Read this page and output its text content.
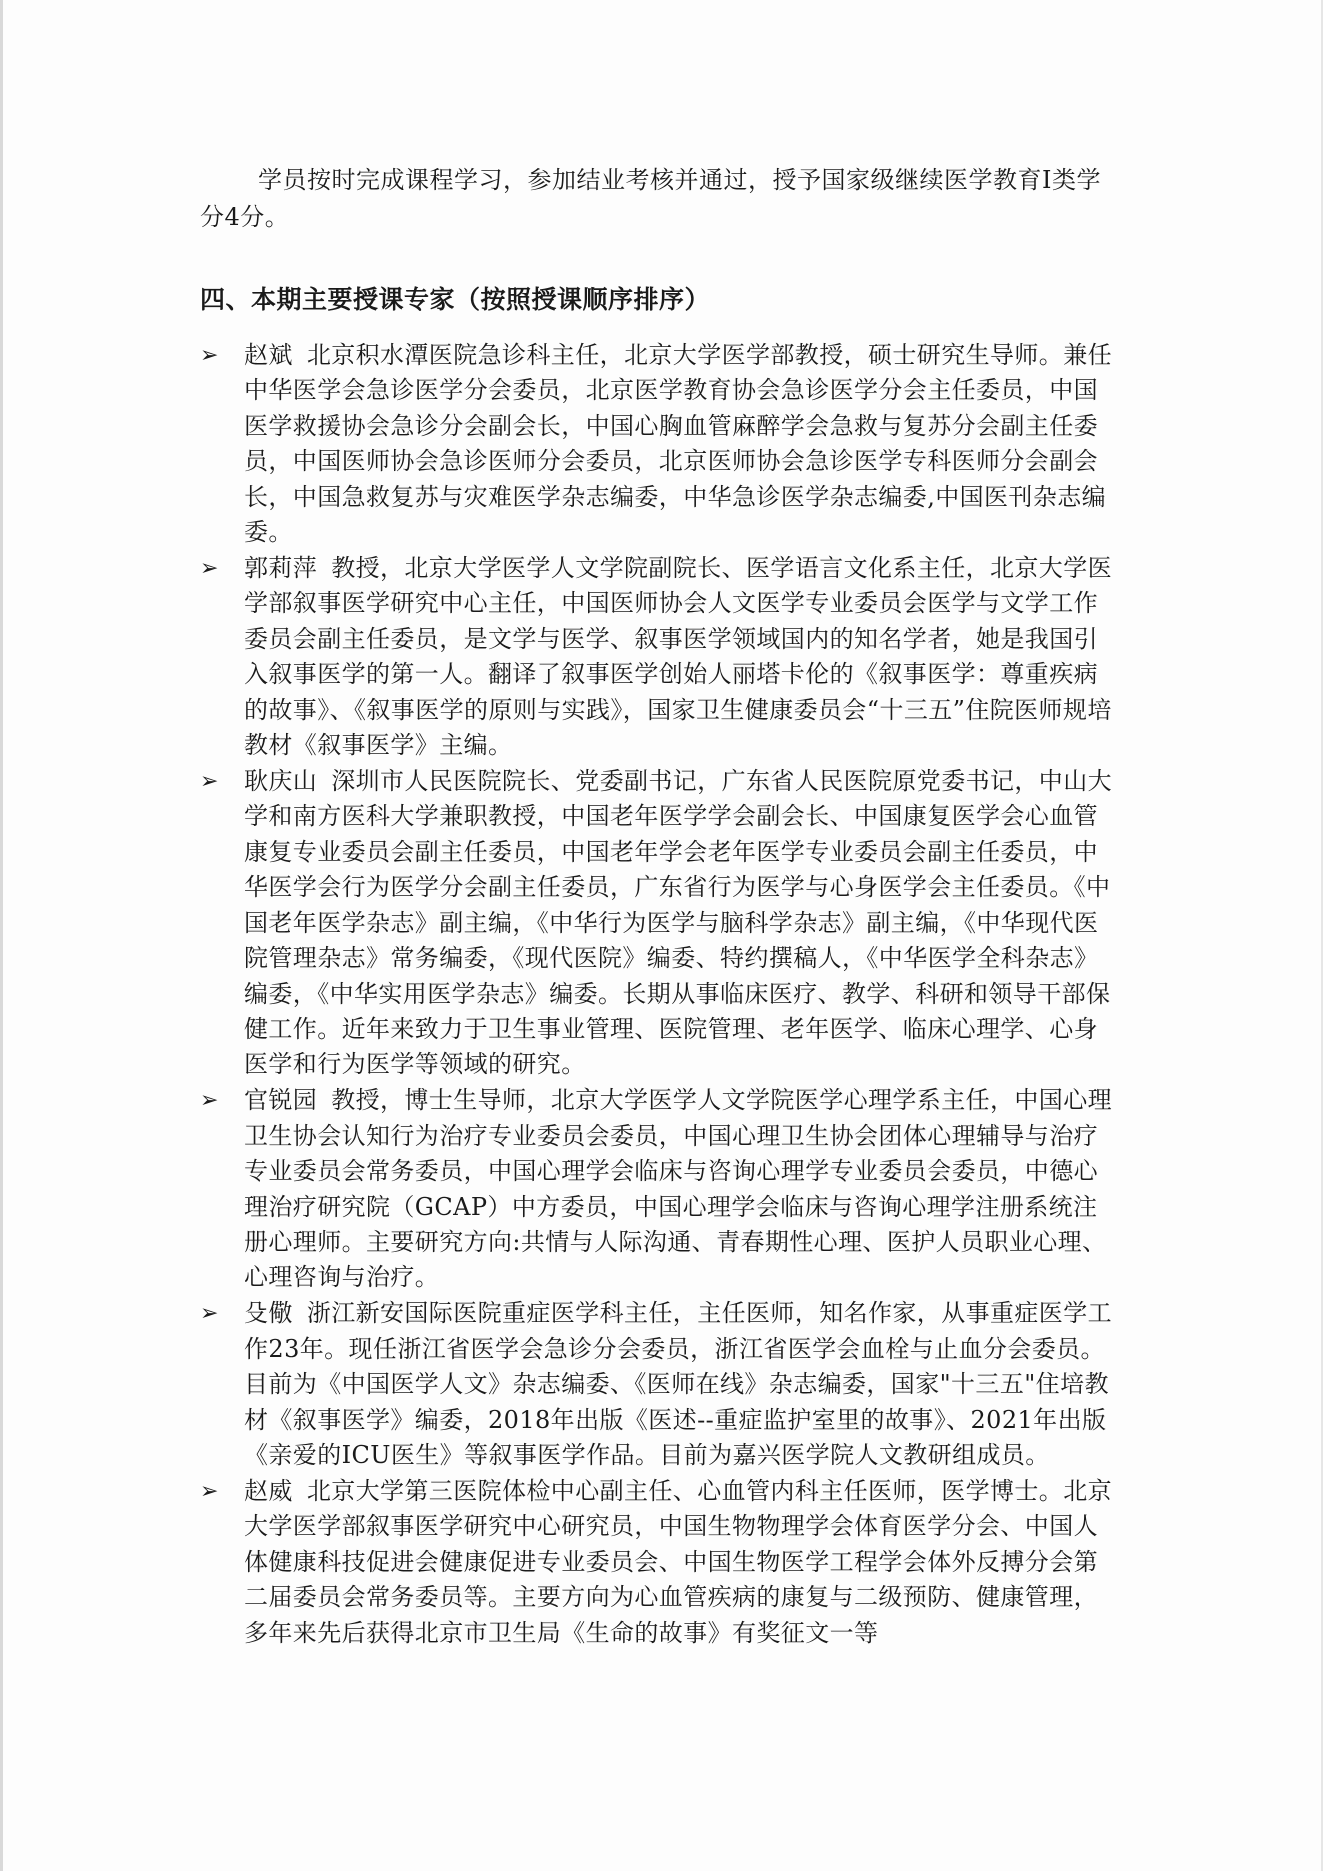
学员按时完成课程学习，参加结业考核并通过，授予国家级继续医学教育Ⅰ类学分4分。

四、本期主要授课专家（按照授课顺序排序）
➢ 赵斌 北京积水潭医院急诊科主任，北京大学医学部教授，硕士研究生导师。兼任中华医学会急诊医学分会委员，北京医学教育协会急诊医学分会主任委员，中国医学救援协会急诊分会副会长，中国心胸血管麻醉学会急救与复苏分会副主任委员，中国医师协会急诊医师分会委员，北京医师协会急诊医学专科医师分会副会长，中国急救复苏与灾难医学杂志编委，中华急诊医学杂志编委,中国医刊杂志编委。
➢ 郭莉萍 教授，北京大学医学人文学院副院长、医学语言文化系主任，北京大学医学部叙事医学研究中心主任，中国医师协会人文医学专业委员会医学与文学工作委员会副主任委员，是文学与医学、叙事医学领域国内的知名学者，她是我国引入叙事医学的第一人。翻译了叙事医学创始人丽塔卡伦的《叙事医学：尊重疾病的故事》、《叙事医学的原则与实践》，国家卫生健康委员会“十三五”住院医师规培教材《叙事医学》主编。
➢ 耿庆山 深圳市人民医院院长、党委副书记，广东省人民医院原党委书记，中山大学和南方医科大学兼职教授，中国老年医学学会副会长、中国康复医学会心血管康复专业委员会副主任委员，中国老年学会老年医学专业委员会副主任委员，中华医学会行为医学分会副主任委员，广东省行为医学与心身医学会主任委员。《中国老年医学杂志》副主编，《中华行为医学与脑科学杂志》副主编，《中华现代医院管理杂志》常务编委，《现代医院》编委、特约撰稿人，《中华医学全科杂志》编委，《中华实用医学杂志》编委。长期从事临床医疗、教学、科研和领导干部保健工作。近年来致力于卫生事业管理、医院管理、老年医学、临床心理学、心身医学和行为医学等领域的研究。
➢ 官锐园 教授，博士生导师，北京大学医学人文学院医学心理学系主任，中国心理卫生协会认知行为治疗专业委员会委员，中国心理卫生协会团体心理辅导与治疗专业委员会常务委员，中国心理学会临床与咨询心理学专业委员会委员，中德心理治疗研究院（GCAP）中方委员，中国心理学会临床与咨询心理学注册系统注册心理师。主要研究方向:共情与人际沟通、青春期性心理、医护人员职业心理、心理咨询与治疗。
➢ 殳儆 浙江新安国际医院重症医学科主任，主任医师，知名作家，从事重症医学工作23年。现任浙江省医学会急诊分会委员，浙江省医学会血栓与止血分会委员。目前为《中国医学人文》杂志编委、《医师在线》杂志编委，国家"十三五"住培教材《叙事医学》编委，2018年出版《医述--重症监护室里的故事》、2021年出版《亲爱的ICU医生》等叙事医学作品。目前为嘉兴医学院人文教研组成员。
➢ 赵威 北京大学第三医院体检中心副主任、心血管内科主任医师，医学博士。北京大学医学部叙事医学研究中心研究员，中国生物物理学会体育医学分会、中国人体健康科技促进会健康促进专业委员会、中国生物医学工程学会体外反搏分会第二届委员会常务委员等。主要方向为心血管疾病的康复与二级预防、健康管理，多年来先后获得北京市卫生局《生命的故事》有奖征文一等
